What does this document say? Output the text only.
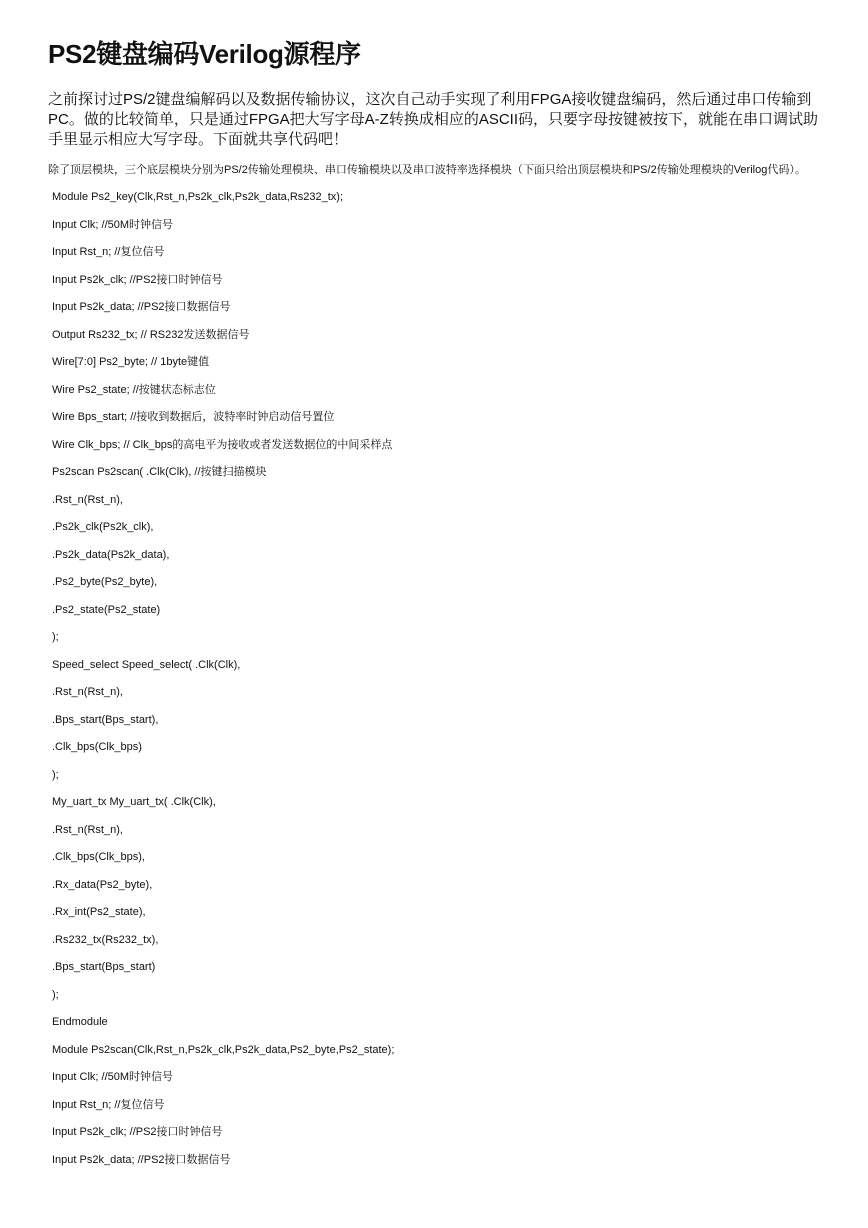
PS2键盘编码Verilog源程序

之前探讨过PS/2键盘编解码以及数据传输协议，这次自己动手实现了利用FPGA接收键盘编码，然后通过串口传输到PC。做的比较简单，只是通过FPGA把大写字母A-Z转换成相应的ASCII码，只要字母按键被按下，就能在串口调试助手里显示相应大写字母。下面就共享代码吧！

除了顶层模块，三个底层模块分别为PS/2传输处理模块、串口传输模块以及串口波特率选择模块（下面只给出顶层模块和PS/2传输处理模块的Verilog代码）。

Module Ps2_key(Clk,Rst_n,Ps2k_clk,Ps2k_data,Rs232_tx);
Input Clk; //50M时钟信号
Input Rst_n; //复位信号
Input Ps2k_clk; //PS2接口时钟信号
Input Ps2k_data; //PS2接口数据信号
Output Rs232_tx; // RS232发送数据信号
Wire[7:0] Ps2_byte; // 1byte键值
Wire Ps2_state; //按键状态标志位
Wire Bps_start; //接收到数据后，波特率时钟启动信号置位
Wire Clk_bps; // Clk_bps的高电平为接收或者发送数据位的中间采样点
Ps2scan Ps2scan( .Clk(Clk), //按键扫描模块
.Rst_n(Rst_n),
.Ps2k_clk(Ps2k_clk),
.Ps2k_data(Ps2k_data),
.Ps2_byte(Ps2_byte),
.Ps2_state(Ps2_state)
);
Speed_select Speed_select( .Clk(Clk),
.Rst_n(Rst_n),
.Bps_start(Bps_start),
.Clk_bps(Clk_bps)
);
My_uart_tx My_uart_tx( .Clk(Clk),
.Rst_n(Rst_n),
.Clk_bps(Clk_bps),
.Rx_data(Ps2_byte),
.Rx_int(Ps2_state),
.Rs232_tx(Rs232_tx),
.Bps_start(Bps_start)
);
Endmodule
Module Ps2scan(Clk,Rst_n,Ps2k_clk,Ps2k_data,Ps2_byte,Ps2_state);
Input Clk; //50M时钟信号
Input Rst_n; //复位信号
Input Ps2k_clk; //PS2接口时钟信号
Input Ps2k_data; //PS2接口数据信号
